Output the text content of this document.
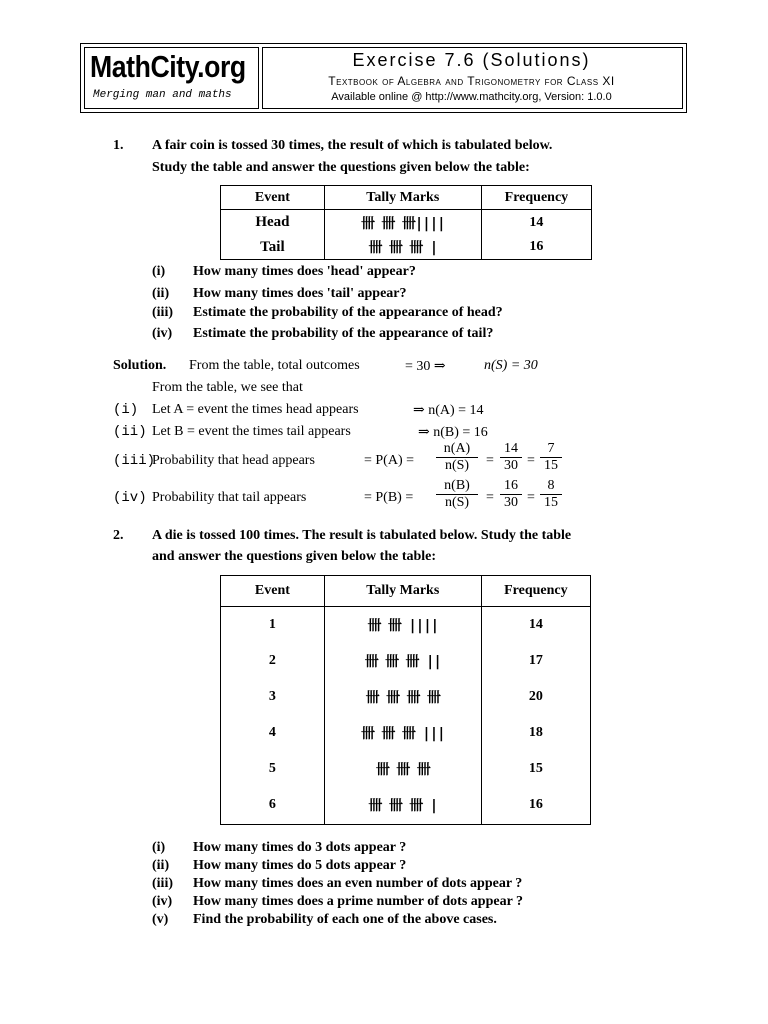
MathCity.org
Merging man and maths
Exercise 7.6 (Solutions)
Textbook of Algebra and Trigonometry for Class XI
Available online @ http://www.mathcity.org, Version: 1.0.0
1. A fair coin is tossed 30 times, the result of which is tabulated below.
Study the table and answer the questions given below the table:
Event	Tally Marks	Frequency
Head	卌 卌 卌||||	14
Tail	卌 卌 卌 |	16
(i) How many times does 'head' appear?
(ii) How many times does 'tail' appear?
(iii) Estimate the probability of the appearance of head?
(iv) Estimate the probability of the appearance of tail?
Solution. From the table, total outcomes	= 30 ⇒	n(S) = 30
From the table, we see that
(i) Let A = event the times head appears	⇒ n(A) = 14
(ii) Let B = event the times tail appears	⇒ n(B) = 16
(iii)
Probability that head appears	= $P(A) = \frac{n(A)}{n(S)} = \frac{14}{30} = \frac{7}{15}$
(iv) Probability that tail appears	= $P(B) = \frac{n(B)}{n(S)} = \frac{16}{30} = \frac{8}{15}$
2. A die is tossed 100 times. The result is tabulated below. Study the table
and answer the questions given below the table:
Event	Tally Marks	Frequency
1	卌 卌 ||||	14
2	卌 卌 卌 ||	17
3	卌 卌 卌 卌	20
4	卌 卌 卌 |||	18
5	卌 卌 卌	15
6	卌 卌 卌 |	16
(i) How many times do 3 dots appear ?
(ii) How many times do 5 dots appear ?
(iii) How many times does an even number of dots appear ?
(iv) How many times does a prime number of dots appear ?
(v) Find the probability of each one of the above cases.
